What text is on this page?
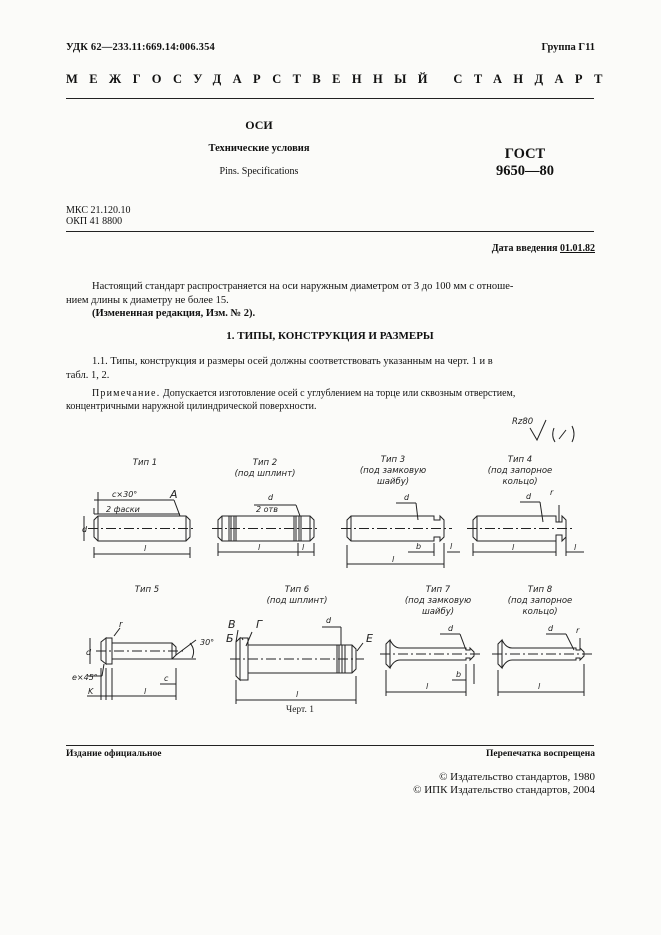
УДК 62—233.11:669.14:006.354	Группа Г11
МЕЖГОСУДАРСТВЕННЫЙ СТАНДАРТ
ОСИ
Технические условия
Pins. Specifications
ГОСТ
9650—80
МКС 21.120.10
ОКП 41 8800
Дата введения 01.01.82
Настоящий стандарт распространяется на оси наружным диаметром от 3 до 100 мм с отноше-
нием длины к диаметру не более 15.
(Измененная редакция, Изм. № 2).
1. ТИПЫ, КОНСТРУКЦИЯ И РАЗМЕРЫ
1.1. Типы, конструкция и размеры осей должны соответствовать указанным на черт. 1 и в
табл. 1, 2.
Примечание. Допускается изготовление осей с углублением на торце или сквозным отверстием,
концентричными наружной цилиндрической поверхности.
Тип 1	Тип 2
(под шплинт)
Тип 3
(под замковую
шайбу)
Тип 4
(под запорное
кольцо)
Тип 5	Тип 6
(под шплинт)
Тип 7
(под замковую
шайбу)
Тип 8
(под запорное
кольцо)
Rz80
c×30°
2 фаски
А
d
l
d
2 отв
l	l
d
b	l
l
d r
l	l
r
30°
e×45°
K
c
d
l
В
Б
Г
Е
d
l
d
b
l
d	r
l
Черт. 1
Издание официальное	Перепечатка воспрещена
© Издательство стандартов, 1980
© ИПК Издательство стандартов, 2004
